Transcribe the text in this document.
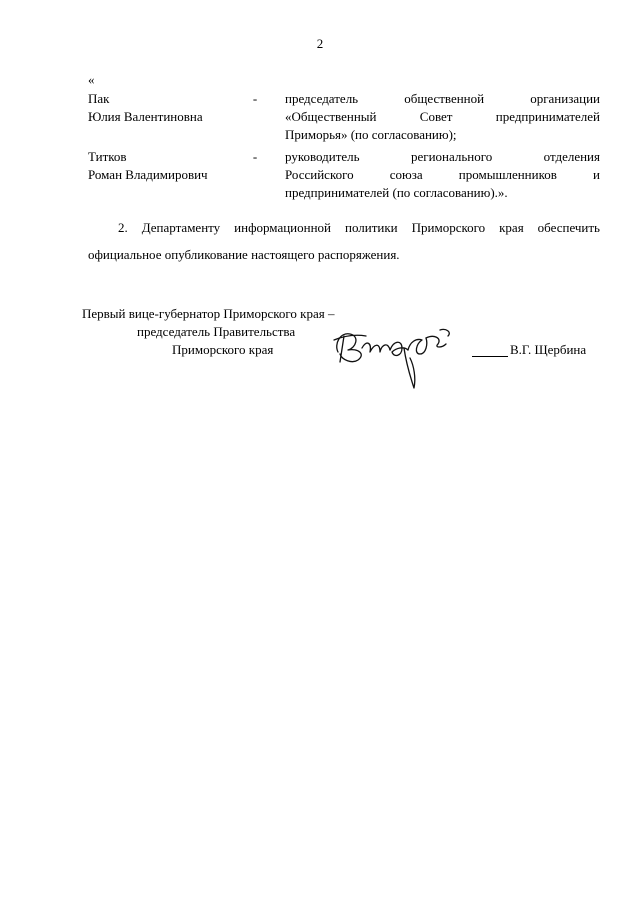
2
«
Пак
Юлия Валентиновна
-	председатель общественной организации
«Общественный Совет предпринимателей
Приморья» (по согласованию);
Титков
Роман Владимирович
-	руководитель регионального отделения
Российского союза промышленников и
предпринимателей (по согласованию).».
2. Департаменту информационной политики Приморского края обеспечить официальное опубликование настоящего распоряжения.
Первый вице-губернатор Приморского края –
председатель Правительства
Приморского края	В.Г. Щербина
